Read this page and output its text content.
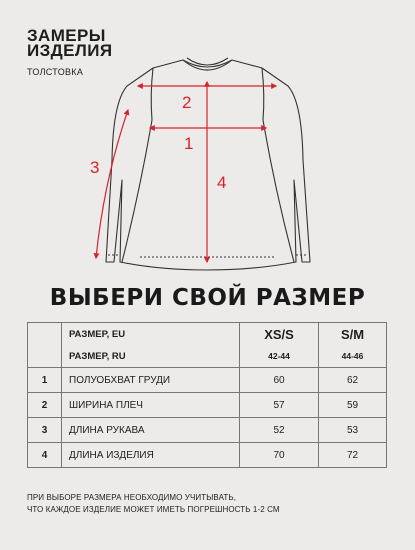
ЗАМЕРЫ
ИЗДЕЛИЯ
ТОЛСТОВКА
2
1
3
4
ВЫБЕРИ СВОЙ РАЗМЕР
	РАЗМЕР, EU	XS/S	S/M
	РАЗМЕР, RU	42-44	44-46
1	ПОЛУОБХВАТ ГРУДИ	60	62
2	ШИРИНА ПЛЕЧ	57	59
3	ДЛИНА РУКАВА	52	53
4	ДЛИНА ИЗДЕЛИЯ	70	72
ПРИ ВЫБОРЕ РАЗМЕРА НЕОБХОДИМО УЧИТЫВАТЬ,
ЧТО КАЖДОЕ ИЗДЕЛИЕ МОЖЕТ ИМЕТЬ ПОГРЕШНОСТЬ 1-2 СМ
